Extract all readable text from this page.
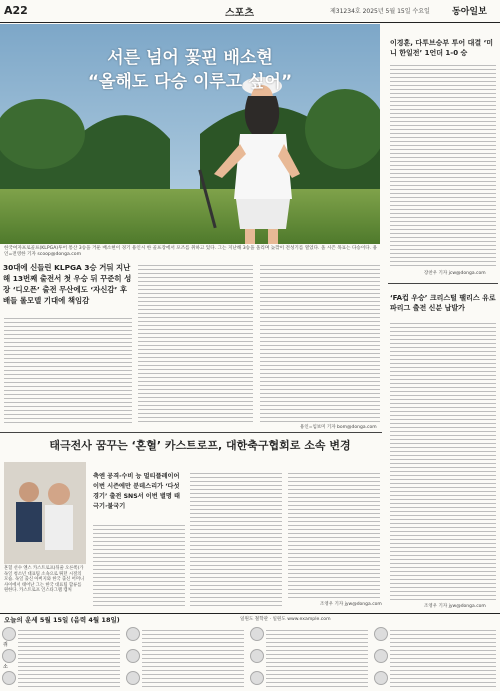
A22	스포츠	제31234호 2025년 5월 15일 수요일 동아일보
서른 넘어 꽃핀 배소현
“올해도 다승 이루고 싶어”
한국여자프로골프(KLPGA)투어 통산 3승을 거둔 배소현이 경기 용인시 한 골프장에서 포즈를 취하고 있다. 그는 지난해 3승을 올리며 늦깎이 전성기를 열었다. 올 시즌 목표는 다승이다. 용인=전영한 기자 scoop@donga.com
30대에 신들린 KLPGA 3승 거둬 지난해 13번째 출전서 첫 우승 뒤 꾸준히 성장 ‘디오픈’ 출전 무산에도 ‘자신감’ 후배들 롤모델 기대에 책임감
용인=임보미 기자 bom@donga.com
이경훈, 다투브승부 투어 대결 ‘미니 한일전’ 1언더 1-0 승
장찬우 기자 jcw@donga.com
‘FA컵 우승’ 크리스털 팰리스 유로파리그 출전 신분 남발가
조영우 기자 jyw@donga.com
태극전사 꿈꾸는 ‘혼혈’ 카스트로프, 대한축구협회로 소속 변경
혼혈 선수 옌스 카스트로프(뒤줄 오른쪽)가 독일 청소년 대표팀 소속으로 뛰던 시절의 모습. 독일 출신 아버지와 한국 출신 어머니 사이에서 태어난 그는 한국 대표팀 합류를 원한다. 카스트로프 인스타그램 캡처
축엔 공격·수비 능 멀티플레이어 이번 시즌에만 분데스리가 ‘다섯 경기’ 출전 SNS서 이번 별명 태극기·불국기
조영우 기자 jyw@donga.com
오늘의 운세 5월 15일 (음력 4월 18일)	일원도 철학관 · 일원도 www.example.com
쥐
소
